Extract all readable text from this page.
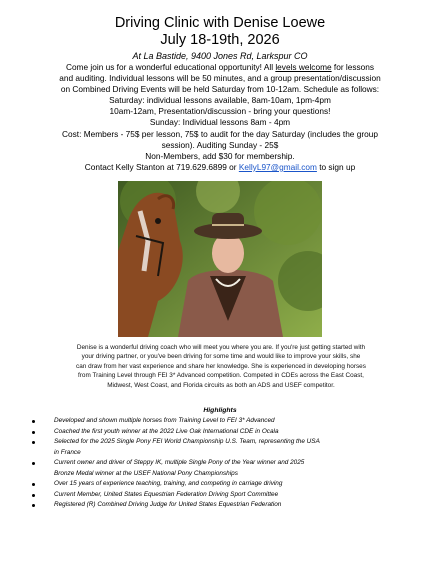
Driving Clinic with Denise Loewe
July 18-19th, 2026
At La Bastide, 9400 Jones Rd, Larkspur CO
Come join us for a wonderful educational opportunity! All levels welcome for lessons
and auditing. Individual lessons will be 50 minutes, and a group presentation/discussion
on Combined Driving Events will be held Saturday from 10-12am. Schedule as follows:
Saturday: individual lessons available, 8am-10am, 1pm-4pm
10am-12am, Presentation/discussion - bring your questions!
Sunday: Individual lessons 8am - 4pm
Cost: Members - 75$ per lesson, 75$ to audit for the day Saturday (includes the group
session). Auditing Sunday - 25$
Non-Members, add $30 for membership.
Contact Kelly Stanton at 719.629.6899 or KellyL97@gmail.com to sign up
Denise is a wonderful driving coach who will meet you where you are. If you're just getting started with
your driving partner, or you've been driving for some time and would like to improve your skills, she
can draw from her vast experience and share her knowledge. She is experienced in developing horses
from Training Level through FEI 3* Advanced competition. Competed in CDEs across the East Coast,
Midwest, West Coast, and Florida circuits as both an ADS and USEF competitor.
Highlights
Developed and shown multiple horses from Training Level to FEI 3* Advanced
Coached the first youth winner at the 2022 Live Oak International CDE in Ocala
Selected for the 2025 Single Pony FEI World Championship U.S. Team, representing the USA
in France
Current owner and driver of Steppy IK, multiple Single Pony of the Year winner and 2025
Bronze Medal winner at the USEF National Pony Championships
Over 15 years of experience teaching, training, and competing in carriage driving
Current Member, United States Equestrian Federation Driving Sport Committee
Registered (R) Combined Driving Judge for United States Equestrian Federation
